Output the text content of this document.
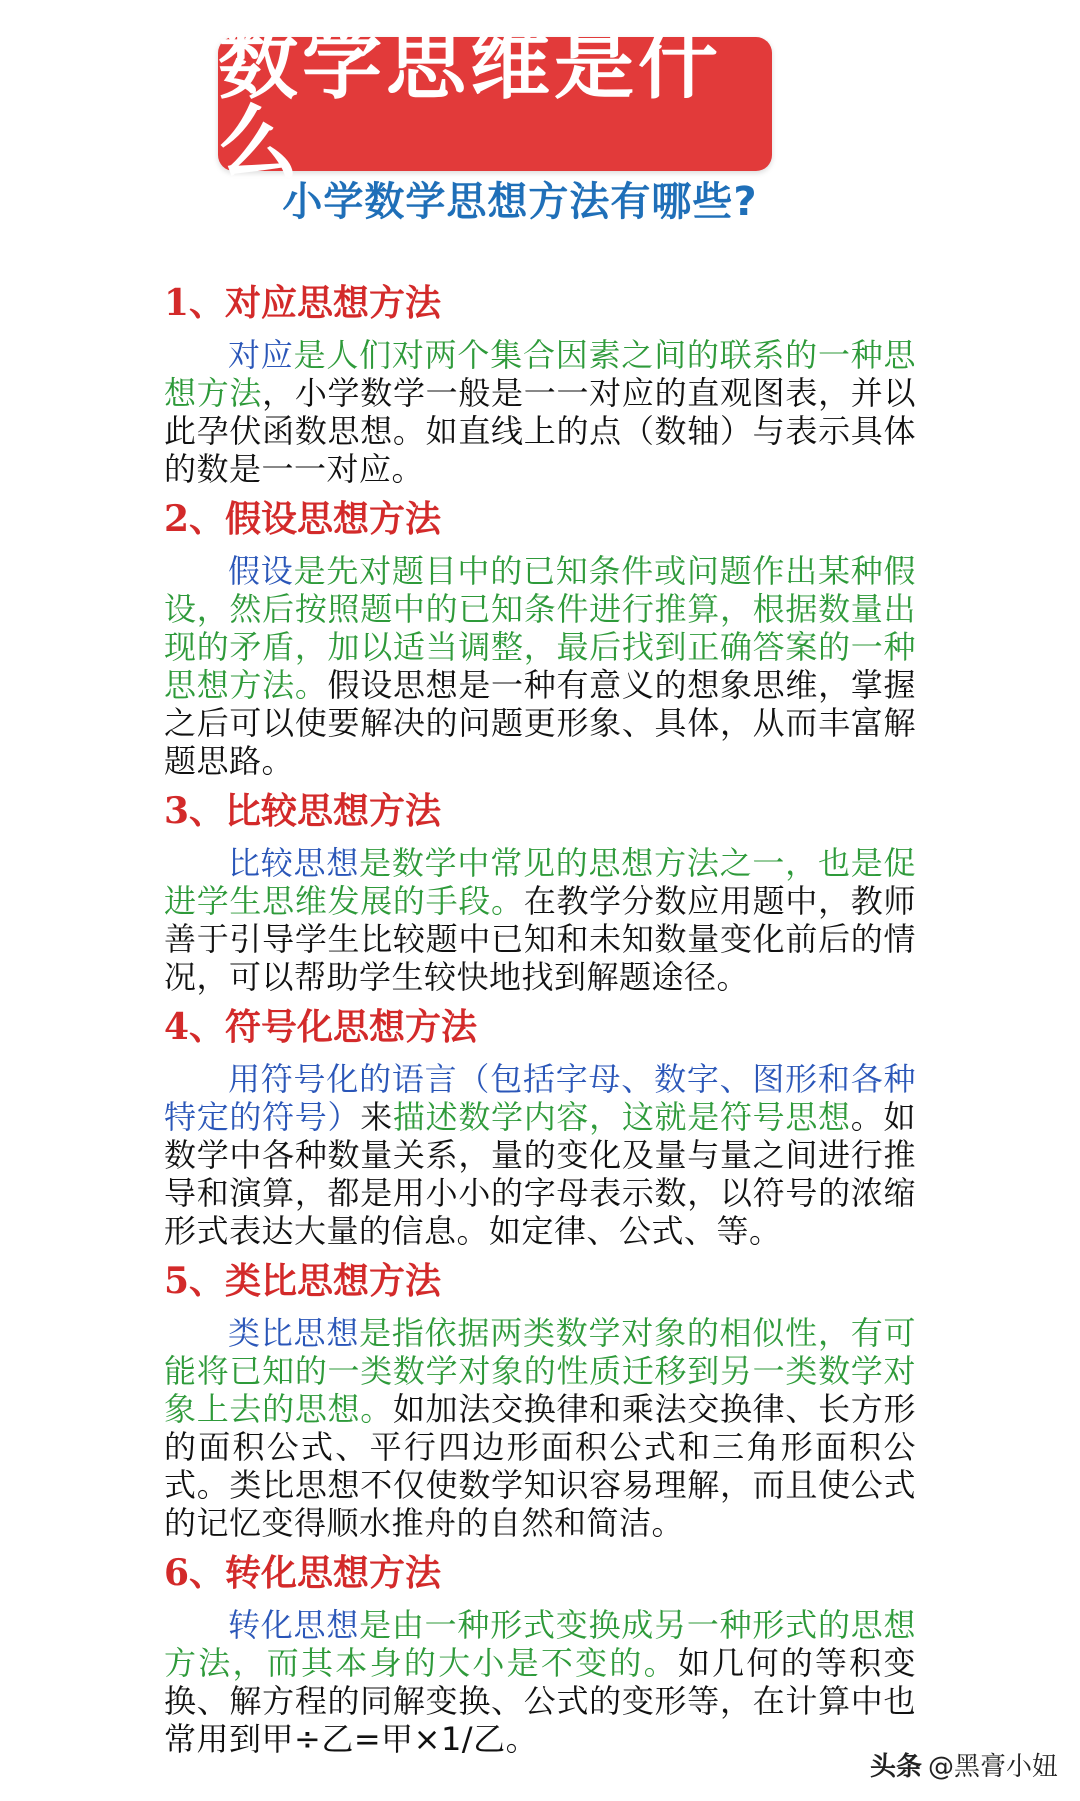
数学思维是什么
小学数学思想方法有哪些?
1、对应思想方法
对应是人们对两个集合因素之间的联系的一种思想方法，小学数学一般是一一对应的直观图表，并以此孕伏函数思想。如直线上的点（数轴）与表示具体的数是一一对应。
2、假设思想方法
假设是先对题目中的已知条件或问题作出某种假设，然后按照题中的已知条件进行推算，根据数量出现的矛盾，加以适当调整，最后找到正确答案的一种思想方法。假设思想是一种有意义的想象思维，掌握之后可以使要解决的问题更形象、具体，从而丰富解题思路。
3、比较思想方法
比较思想是数学中常见的思想方法之一，也是促进学生思维发展的手段。在教学分数应用题中，教师善于引导学生比较题中已知和未知数量变化前后的情况，可以帮助学生较快地找到解题途径。
4、符号化思想方法
用符号化的语言（包括字母、数字、图形和各种特定的符号）来描述数学内容，这就是符号思想。如数学中各种数量关系，量的变化及量与量之间进行推导和演算，都是用小小的字母表示数，以符号的浓缩形式表达大量的信息。如定律、公式、等。
5、类比思想方法
类比思想是指依据两类数学对象的相似性，有可能将已知的一类数学对象的性质迁移到另一类数学对象上去的思想。如加法交换律和乘法交换律、长方形的面积公式、平行四边形面积公式和三角形面积公式。类比思想不仅使数学知识容易理解，而且使公式的记忆变得顺水推舟的自然和简洁。
6、转化思想方法
转化思想是由一种形式变换成另一种形式的思想方法，而其本身的大小是不变的。如几何的等积变换、解方程的同解变换、公式的变形等，在计算中也常用到甲÷乙=甲×1/乙。
头条 @黑膏小妞
